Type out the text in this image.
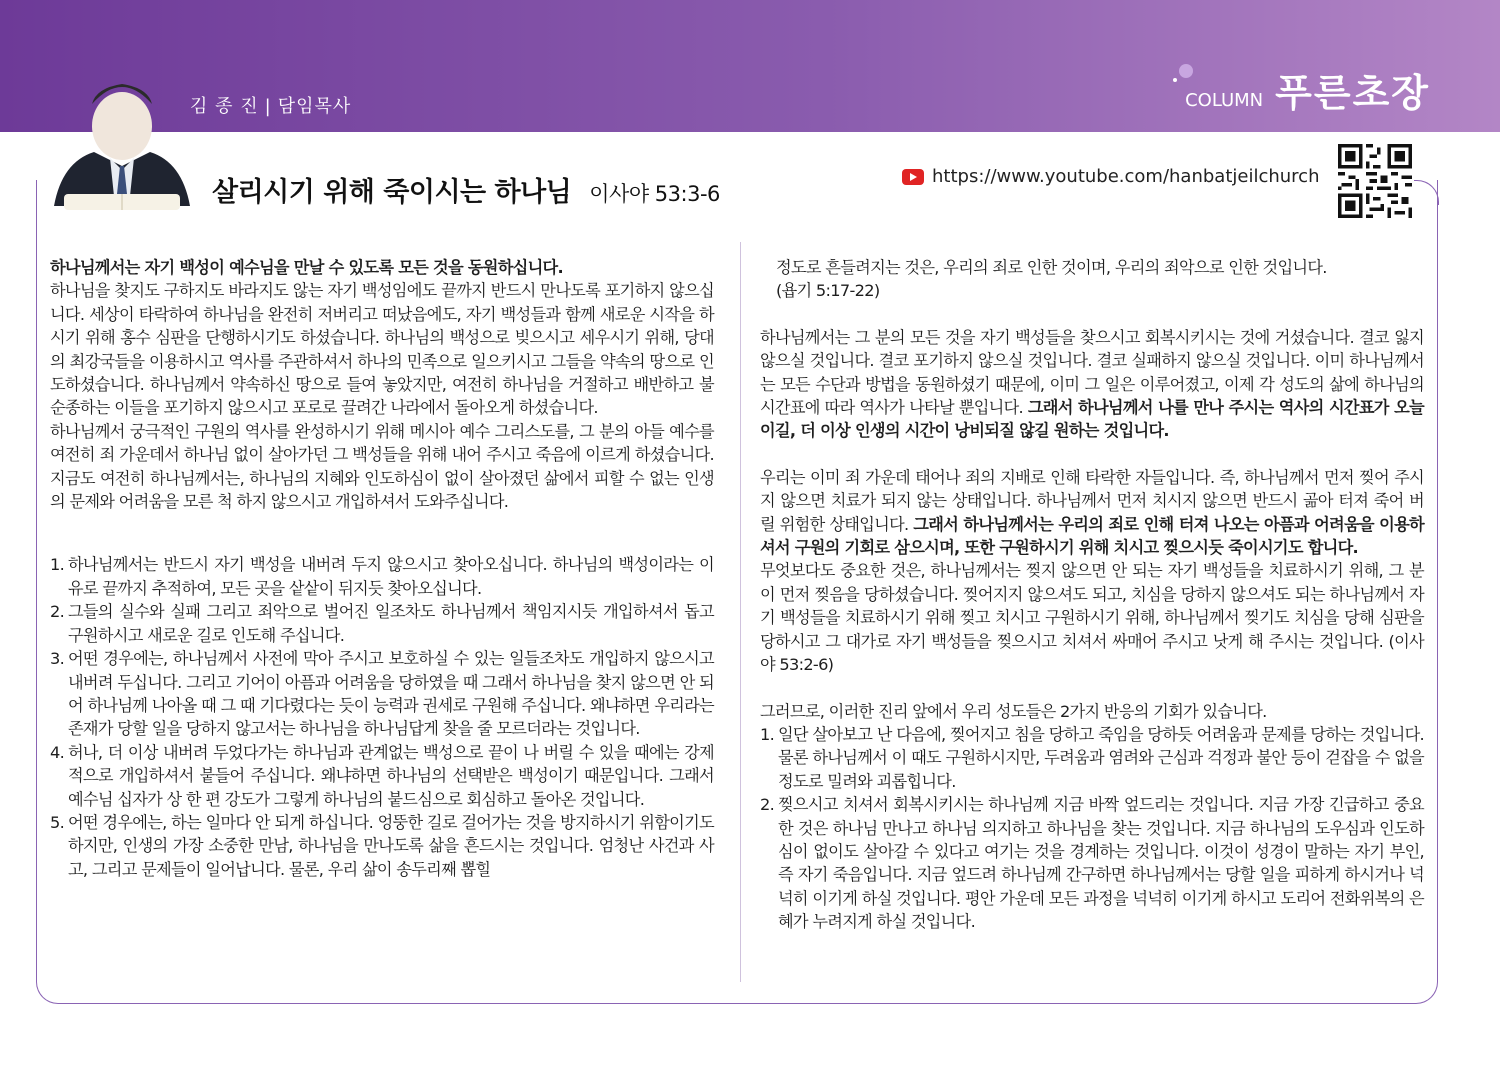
김 종 진 | 담임목사	COLUMN 푸른초장
살리시기 위해 죽이시는 하나님 이사야 53:3-6
https://www.youtube.com/hanbatjeilchurch

하나님께서는 자기 백성이 예수님을 만날 수 있도록 모든 것을 동원하십니다.

하나님을 찾지도 구하지도 바라지도 않는 자기 백성임에도 끝까지 반드시 만나도록 포기하지 않으십니다. 세상이 타락하여 하나님을 완전히 저버리고 떠났음에도, 자기 백성들과 함께 새로운 시작을 하시기 위해 홍수 심판을 단행하시기도 하셨습니다. 하나님의 백성으로 빚으시고 세우시기 위해, 당대의 최강국들을 이용하시고 역사를 주관하셔서 하나의 민족으로 일으키시고 그들을 약속의 땅으로 인도하셨습니다. 하나님께서 약속하신 땅으로 들여 놓았지만, 여전히 하나님을 거절하고 배반하고 불순종하는 이들을 포기하지 않으시고 포로로 끌려간 나라에서 돌아오게 하셨습니다.

하나님께서 궁극적인 구원의 역사를 완성하시기 위해 메시아 예수 그리스도를, 그 분의 아들 예수를 여전히 죄 가운데서 하나님 없이 살아가던 그 백성들을 위해 내어 주시고 죽음에 이르게 하셨습니다. 지금도 여전히 하나님께서는, 하나님의 지혜와 인도하심이 없이 살아졌던 삶에서 피할 수 없는 인생의 문제와 어려움을 모른 척 하지 않으시고 개입하셔서 도와주십니다.

1. 하나님께서는 반드시 자기 백성을 내버려 두지 않으시고 찾아오십니다. 하나님의 백성이라는 이유로 끝까지 추적하여, 모든 곳을 샅샅이 뒤지듯 찾아오십니다.
2. 그들의 실수와 실패 그리고 죄악으로 벌어진 일조차도 하나님께서 책임지시듯 개입하셔서 돕고 구원하시고 새로운 길로 인도해 주십니다.
3. 어떤 경우에는, 하나님께서 사전에 막아 주시고 보호하실 수 있는 일들조차도 개입하지 않으시고 내버려 두십니다. 그리고 기어이 아픔과 어려움을 당하였을 때 그래서 하나님을 찾지 않으면 안 되어 하나님께 나아올 때 그 때 기다렸다는 듯이 능력과 권세로 구원해 주십니다. 왜냐하면 우리라는 존재가 당할 일을 당하지 않고서는 하나님을 하나님답게 찾을 줄 모르더라는 것입니다.
4. 허나, 더 이상 내버려 두었다가는 하나님과 관계없는 백성으로 끝이 나 버릴 수 있을 때에는 강제적으로 개입하셔서 붙들어 주십니다. 왜냐하면 하나님의 선택받은 백성이기 때문입니다. 그래서 예수님 십자가 상 한 편 강도가 그렇게 하나님의 붙드심으로 회심하고 돌아온 것입니다.
5. 어떤 경우에는, 하는 일마다 안 되게 하십니다. 엉뚱한 길로 걸어가는 것을 방지하시기 위함이기도 하지만, 인생의 가장 소중한 만남, 하나님을 만나도록 삶을 흔드시는 것입니다. 엄청난 사건과 사고, 그리고 문제들이 일어납니다. 물론, 우리 삶이 송두리째 뽑힐

정도로 흔들려지는 것은, 우리의 죄로 인한 것이며, 우리의 죄악으로 인한 것입니다.

(욥기 5:17-22)

하나님께서는 그 분의 모든 것을 자기 백성들을 찾으시고 회복시키시는 것에 거셨습니다. 결코 잃지 않으실 것입니다. 결코 포기하지 않으실 것입니다. 결코 실패하지 않으실 것입니다. 이미 하나님께서는 모든 수단과 방법을 동원하셨기 때문에, 이미 그 일은 이루어졌고, 이제 각 성도의 삶에 하나님의 시간표에 따라 역사가 나타날 뿐입니다. 그래서 하나님께서 나를 만나 주시는 역사의 시간표가 오늘이길, 더 이상 인생의 시간이 낭비되질 않길 원하는 것입니다.

우리는 이미 죄 가운데 태어나 죄의 지배로 인해 타락한 자들입니다. 즉, 하나님께서 먼저 찢어 주시지 않으면 치료가 되지 않는 상태입니다. 하나님께서 먼저 치시지 않으면 반드시 곪아 터져 죽어 버릴 위험한 상태입니다. 그래서 하나님께서는 우리의 죄로 인해 터져 나오는 아픔과 어려움을 이용하셔서 구원의 기회로 삼으시며, 또한 구원하시기 위해 치시고 찢으시듯 죽이시기도 합니다.

무엇보다도 중요한 것은, 하나님께서는 찢지 않으면 안 되는 자기 백성들을 치료하시기 위해, 그 분이 먼저 찢음을 당하셨습니다. 찢어지지 않으셔도 되고, 치심을 당하지 않으셔도 되는 하나님께서 자기 백성들을 치료하시기 위해 찢고 치시고 구원하시기 위해, 하나님께서 찢기도 치심을 당해 심판을 당하시고 그 대가로 자기 백성들을 찢으시고 치셔서 싸매어 주시고 낫게 해 주시는 것입니다. (이사야 53:2-6)

그러므로, 이러한 진리 앞에서 우리 성도들은 2가지 반응의 기회가 있습니다.

1. 일단 살아보고 난 다음에, 찢어지고 침을 당하고 죽임을 당하듯 어려움과 문제를 당하는 것입니다. 물론 하나님께서 이 때도 구원하시지만, 두려움과 염려와 근심과 걱정과 불안 등이 걷잡을 수 없을 정도로 밀려와 괴롭힙니다.
2. 찢으시고 치셔서 회복시키시는 하나님께 지금 바짝 엎드리는 것입니다. 지금 가장 긴급하고 중요한 것은 하나님 만나고 하나님 의지하고 하나님을 찾는 것입니다. 지금 하나님의 도우심과 인도하심이 없이도 살아갈 수 있다고 여기는 것을 경계하는 것입니다. 이것이 성경이 말하는 자기 부인, 즉 자기 죽음입니다. 지금 엎드려 하나님께 간구하면 하나님께서는 당할 일을 피하게 하시거나 넉넉히 이기게 하실 것입니다. 평안 가운데 모든 과정을 넉넉히 이기게 하시고 도리어 전화위복의 은혜가 누려지게 하실 것입니다.
